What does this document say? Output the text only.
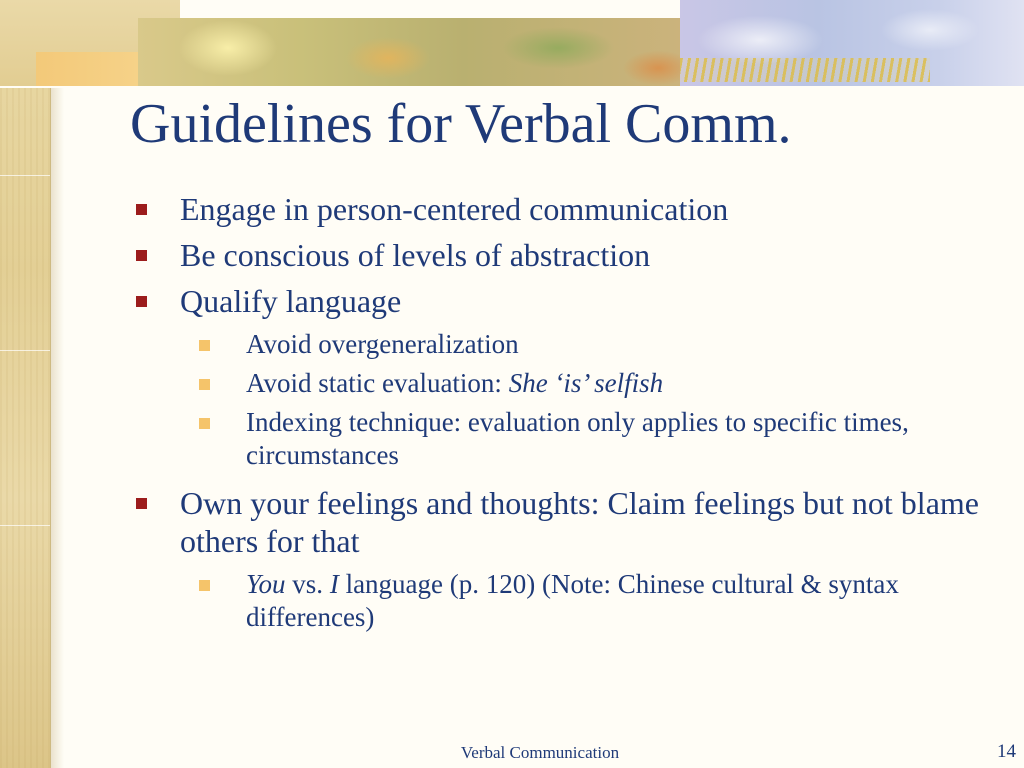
Guidelines for Verbal Comm.
Engage in person-centered communication
Be conscious of levels of abstraction
Qualify language
Avoid overgeneralization
Avoid static evaluation: She ‘is’ selfish
Indexing technique: evaluation only applies to specific times, circumstances
Own your feelings and thoughts: Claim feelings but not blame others for that
You vs. I language (p. 120) (Note: Chinese cultural & syntax differences)
Verbal Communication	14
